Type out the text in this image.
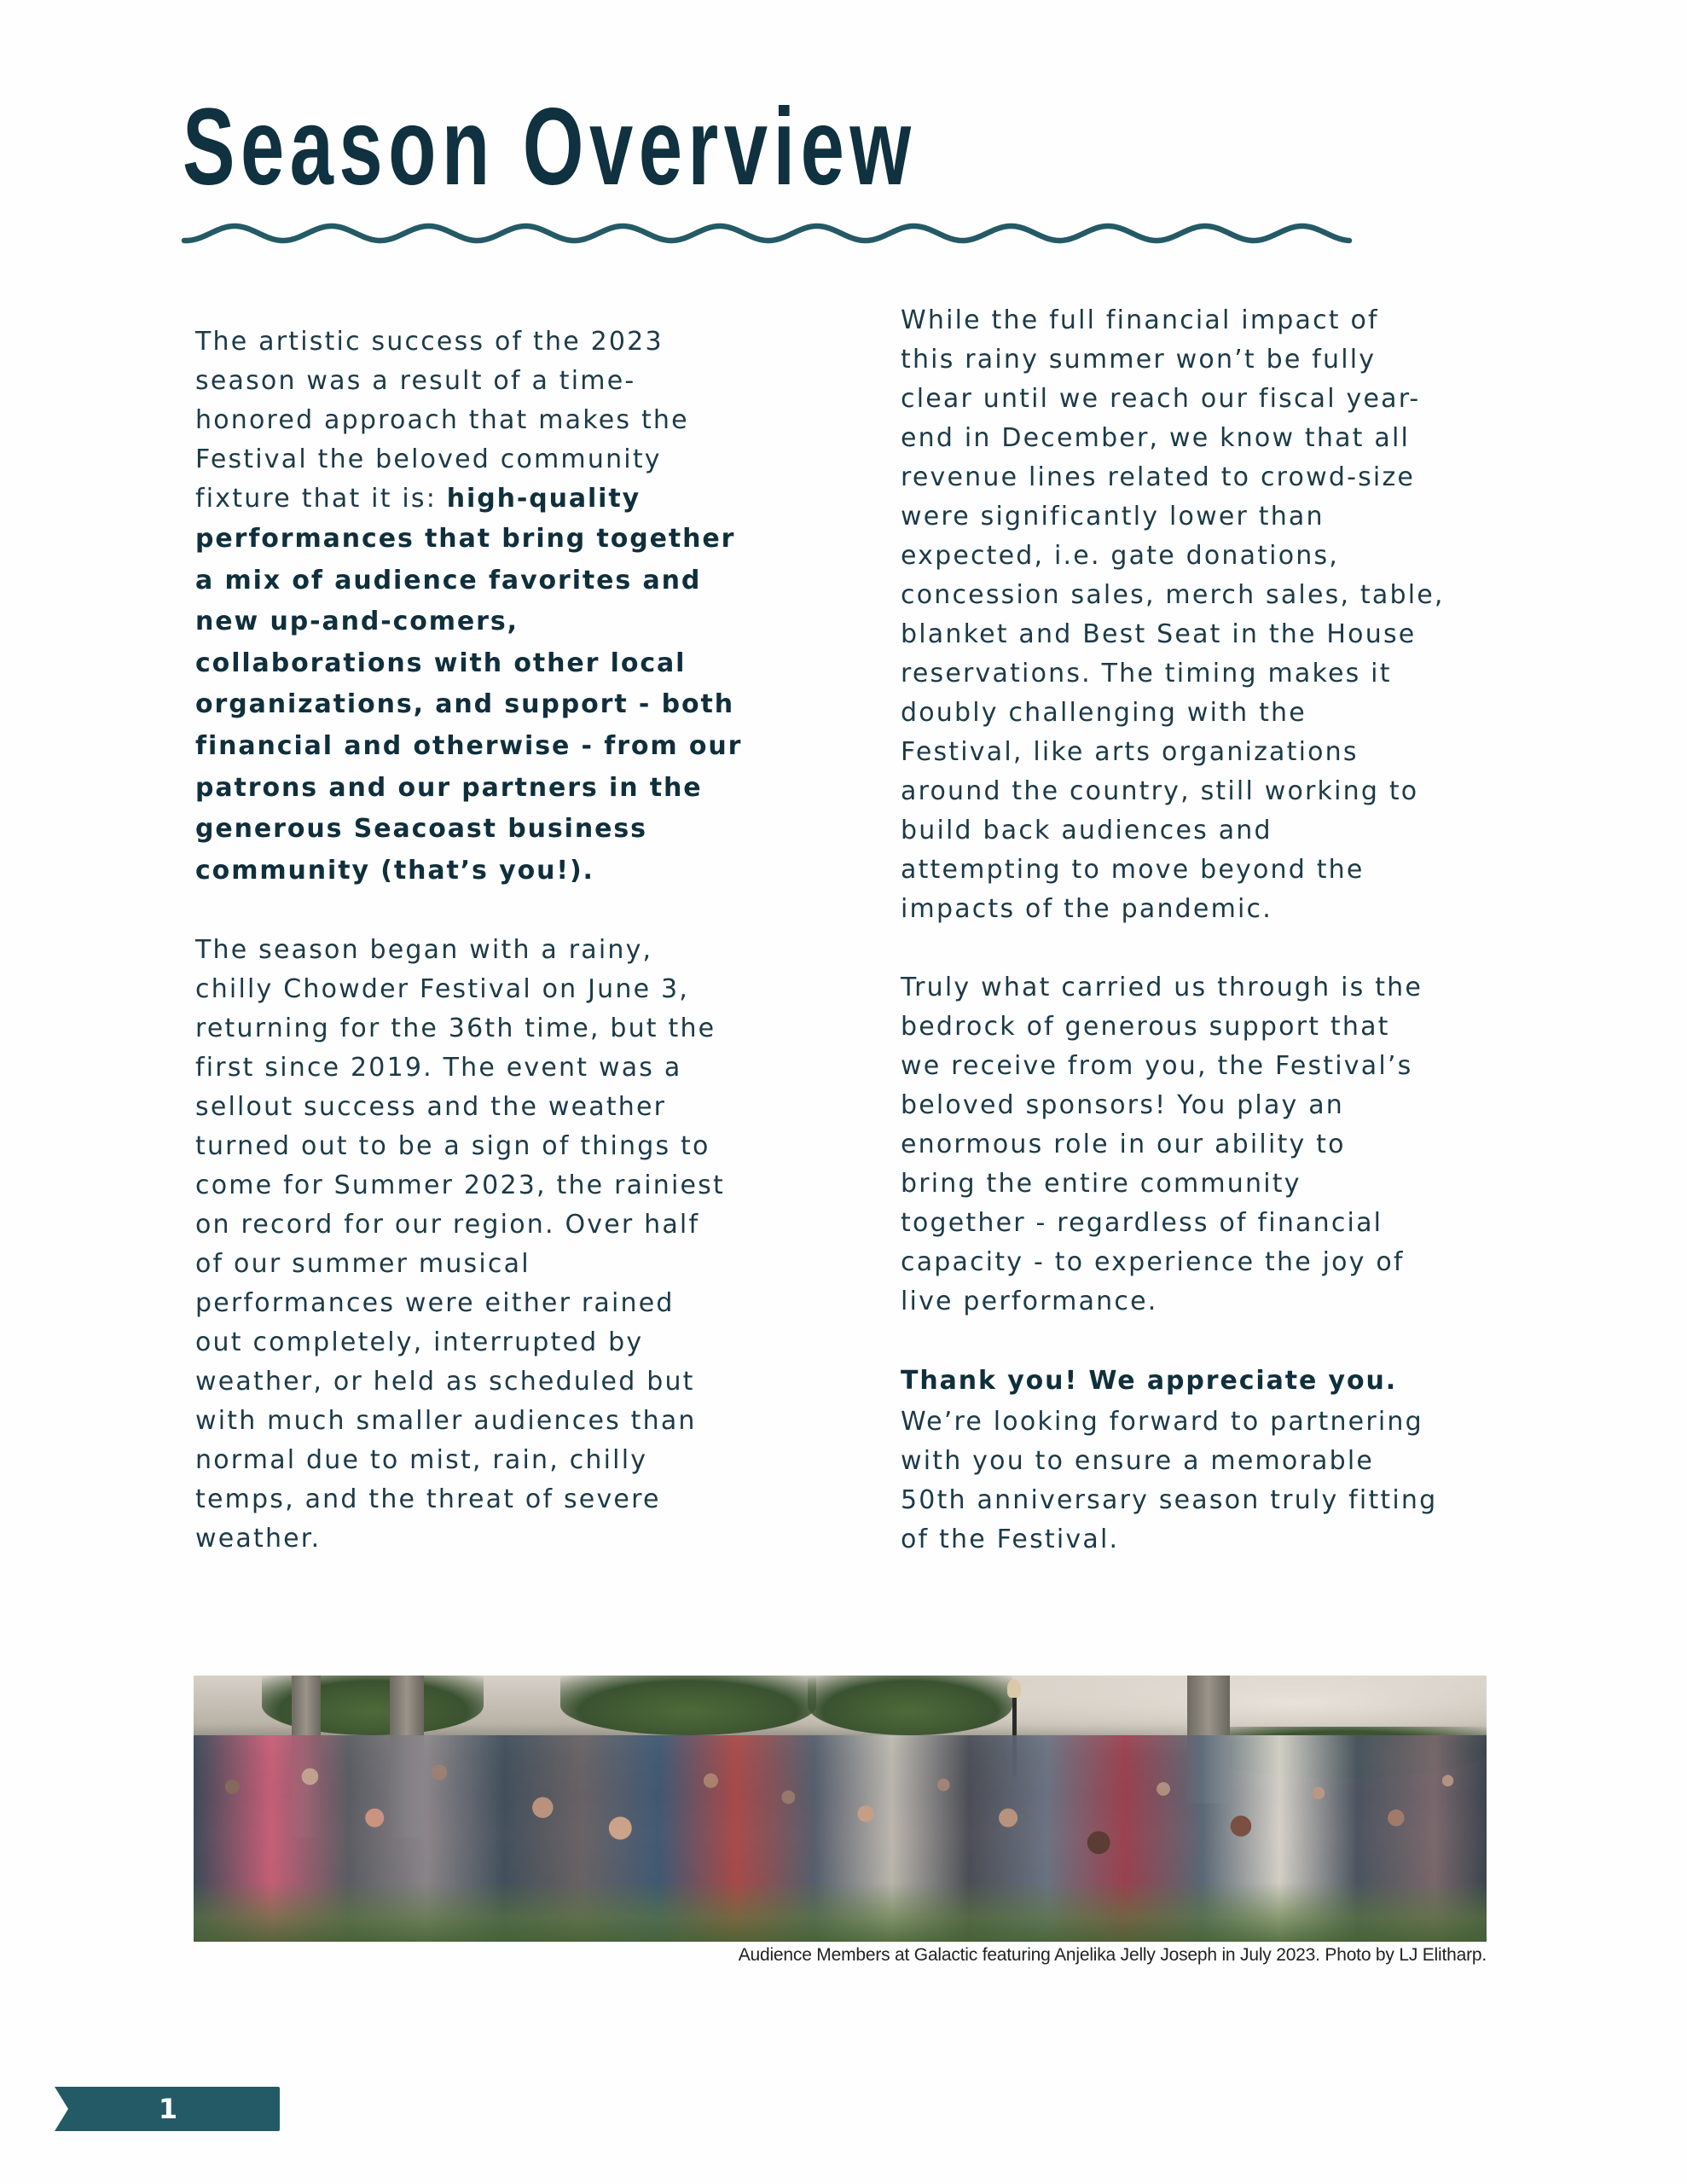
Season Overview
The artistic success of the 2023
season was a result of a time-
honored approach that makes the
Festival the beloved community
fixture that it is: high-quality
performances that bring together
a mix of audience favorites and
new up-and-comers,
collaborations with other local
organizations, and support - both
financial and otherwise - from our
patrons and our partners in the
generous Seacoast business
community (that’s you!).
The season began with a rainy,
chilly Chowder Festival on June 3,
returning for the 36th time, but the
first since 2019. The event was a
sellout success and the weather
turned out to be a sign of things to
come for Summer 2023, the rainiest
on record for our region. Over half
of our summer musical
performances were either rained
out completely, interrupted by
weather, or held as scheduled but
with much smaller audiences than
normal due to mist, rain, chilly
temps, and the threat of severe
weather.
While the full financial impact of
this rainy summer won’t be fully
clear until we reach our fiscal year-
end in December, we know that all
revenue lines related to crowd-size
were significantly lower than
expected, i.e. gate donations,
concession sales, merch sales, table,
blanket and Best Seat in the House
reservations. The timing makes it
doubly challenging with the
Festival, like arts organizations
around the country, still working to
build back audiences and
attempting to move beyond the
impacts of the pandemic.
Truly what carried us through is the
bedrock of generous support that
we receive from you, the Festival’s
beloved sponsors! You play an
enormous role in our ability to
bring the entire community
together - regardless of financial
capacity - to experience the joy of
live performance.
Thank you! We appreciate you.
We’re looking forward to partnering
with you to ensure a memorable
50th anniversary season truly fitting
of the Festival.
Audience Members at Galactic featuring Anjelika Jelly Joseph in July 2023. Photo by LJ Elitharp.
1
